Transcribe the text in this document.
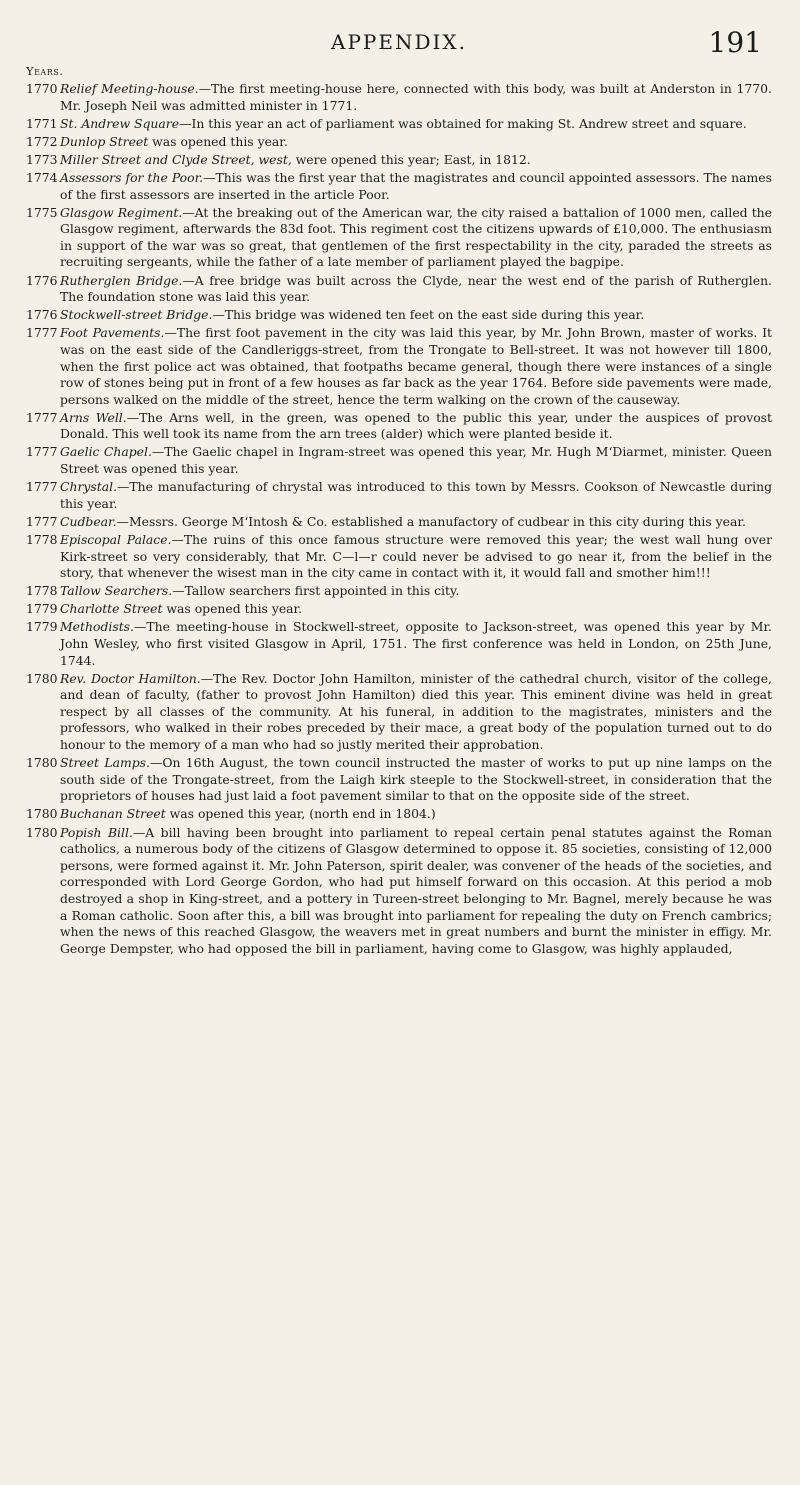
APPENDIX.	191
Years.
1770 Relief Meeting-house.—The first meeting-house here, connected with this body, was built at Anderston in 1770. Mr. Joseph Neil was admitted minister in 1771.
1771 St. Andrew Square—In this year an act of parliament was obtained for making St. Andrew street and square.
1772 Dunlop Street was opened this year.
1773 Miller Street and Clyde Street, west, were opened this year; East, in 1812.
1774 Assessors for the Poor.—This was the first year that the magistrates and council appointed assessors. The names of the first assessors are inserted in the article Poor.
1775 Glasgow Regiment.—At the breaking out of the American war, the city raised a battalion of 1000 men, called the Glasgow regiment, afterwards the 83d foot. This regiment cost the citizens upwards of £10,000. The enthusiasm in support of the war was so great, that gentlemen of the first respectability in the city, paraded the streets as recruiting sergeants, while the father of a late member of parliament played the bagpipe.
1776 Rutherglen Bridge.—A free bridge was built across the Clyde, near the west end of the parish of Rutherglen. The foundation stone was laid this year.
1776 Stockwell-street Bridge.—This bridge was widened ten feet on the east side during this year.
1777 Foot Pavements.—The first foot pavement in the city was laid this year, by Mr. John Brown, master of works. It was on the east side of the Candleriggs-street, from the Trongate to Bell-street. It was not however till 1800, when the first police act was obtained, that footpaths became general, though there were instances of a single row of stones being put in front of a few houses as far back as the year 1764. Before side pavements were made, persons walked on the middle of the street, hence the term walking on the crown of the causeway.
1777 Arns Well.—The Arns well, in the green, was opened to the public this year, under the auspices of provost Donald. This well took its name from the arn trees (alder) which were planted beside it.
1777 Gaelic Chapel.—The Gaelic chapel in Ingram-street was opened this year, Mr. Hugh M‘Diarmet, minister. Queen Street was opened this year.
1777 Chrystal.—The manufacturing of chrystal was introduced to this town by Messrs. Cookson of Newcastle during this year.
1777 Cudbear.—Messrs. George M‘Intosh & Co. established a manufactory of cudbear in this city during this year.
1778 Episcopal Palace.—The ruins of this once famous structure were removed this year; the west wall hung over Kirk-street so very considerably, that Mr. C—l—r could never be advised to go near it, from the belief in the story, that whenever the wisest man in the city came in contact with it, it would fall and smother him!!!
1778 Tallow Searchers.—Tallow searchers first appointed in this city.
1779 Charlotte Street was opened this year.
1779 Methodists.—The meeting-house in Stockwell-street, opposite to Jackson-street, was opened this year by Mr. John Wesley, who first visited Glasgow in April, 1751. The first conference was held in London, on 25th June, 1744.
1780 Rev. Doctor Hamilton.—The Rev. Doctor John Hamilton, minister of the cathedral church, visitor of the college, and dean of faculty, (father to provost John Hamilton) died this year. This eminent divine was held in great respect by all classes of the community. At his funeral, in addition to the magistrates, ministers and the professors, who walked in their robes preceded by their mace, a great body of the population turned out to do honour to the memory of a man who had so justly merited their approbation.
1780 Street Lamps.—On 16th August, the town council instructed the master of works to put up nine lamps on the south side of the Trongate-street, from the Laigh kirk steeple to the Stockwell-street, in consideration that the proprietors of houses had just laid a foot pavement similar to that on the opposite side of the street.
1780 Buchanan Street was opened this year, (north end in 1804.)
1780 Popish Bill.—A bill having been brought into parliament to repeal certain penal statutes against the Roman catholics, a numerous body of the citizens of Glasgow determined to oppose it. 85 societies, consisting of 12,000 persons, were formed against it. Mr. John Paterson, spirit dealer, was convener of the heads of the societies, and corresponded with Lord George Gordon, who had put himself forward on this occasion. At this period a mob destroyed a shop in King-street, and a pottery in Tureen-street belonging to Mr. Bagnel, merely because he was a Roman catholic. Soon after this, a bill was brought into parliament for repealing the duty on French cambrics; when the news of this reached Glasgow, the weavers met in great numbers and burnt the minister in effigy. Mr. George Dempster, who had opposed the bill in parliament, having come to Glasgow, was highly applauded,
